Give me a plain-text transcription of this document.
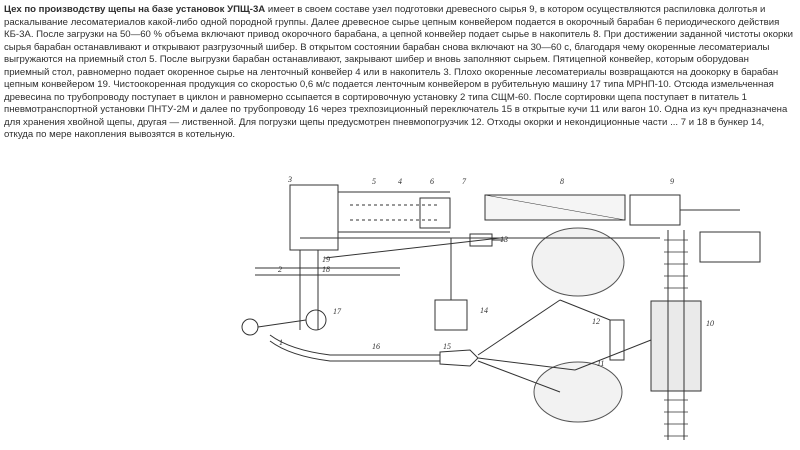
3	5	4	6	7	8	9
10
11
12
13
14
15
16
17
18
19
2
1
Цех по производству щепы на базе установок УПЩ-3А имеет в своем составе узел подготовки древесного сырья 9, в котором осуществляются распиловка долготья и раскалывание лесоматериалов какой-либо одной породной группы. Далее древесное сырье цепным конвейером подается в окорочный барабан 6 периодического действия КБ-3А. После загрузки на 50—60 % объема включают привод окорочного барабана, а цепной конвейер подает сырье в накопитель 8. При достижении заданной чистоты окорки сырья барабан останавливают и открывают разгрузочный шибер. В открытом состоянии барабан снова включают на 30—60 с, благодаря чему окоренные лесоматериалы выгружаются на приемный стол 5. После выгрузки барабан останавливают, закрывают шибер и вновь заполняют сырьем. Пятицепной конвейер, которым оборудован приемный стол, равномерно подает окоренное сырье на ленточный конвейер 4 или в накопитель 3. Плохо окоренные лесоматериалы возвращаются на доокорку в барабан цепным конвейером 19. Чистоокоренная продукция со скоростью 0,6 м/с подается ленточным конвейером в рубительную машину 17 типа МРНП-10. Отсюда измельченная древесина по трубопроводу поступает в циклон и равномерно ссыпается в сортировочную установку 2 типа СЩМ-60. После сортировки щепа поступает в питатель 1 пневмотранспортной установки ПНТУ-2М и далее по трубопроводу 16 через трехпозиционный переключатель 15 в открытые кучи 11 или вагон 10. Одна из куч предназначена для хранения хвойной щепы, другая — лиственной. Для погрузки щепы предусмотрен пневмопогрузчик 12. Отходы окорки и некондиционные части ... 7 и 18 в бункер 14, откуда по мере накопления вывозятся в котельную.
